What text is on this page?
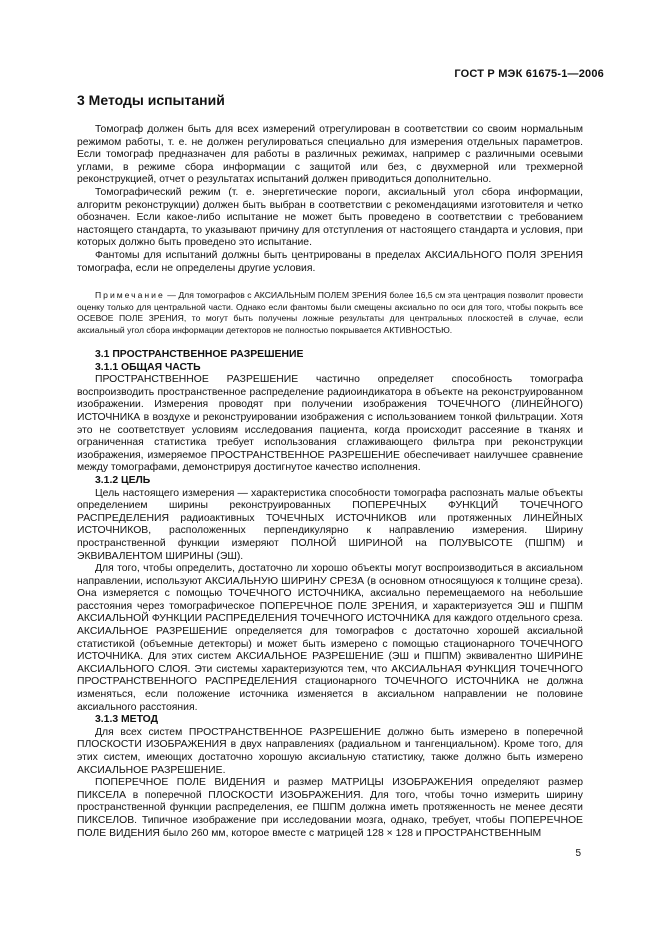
ГОСТ Р МЭК 61675-1—2006
3 Методы испытаний

Томограф должен быть для всех измерений отрегулирован в соответствии со своим нормальным режимом работы, т. е. не должен регулироваться специально для измерения отдельных параметров. Если томограф предназначен для работы в различных режимах, например с различными осевыми углами, в режиме сбора информации с защитой или без, с двухмерной или трехмерной реконструкцией, отчет о результатах испытаний должен приводиться дополнительно.

Томографический режим (т. е. энергетические пороги, аксиальный угол сбора информации, алгоритм реконструкции) должен быть выбран в соответствии с рекомендациями изготовителя и четко обозначен. Если какое-либо испытание не может быть проведено в соответствии с требованием настоящего стандарта, то указывают причину для отступления от настоящего стандарта и условия, при которых должно быть проведено это испытание.

Фантомы для испытаний должны быть центрированы в пределах АКСИАЛЬНОГО ПОЛЯ ЗРЕНИЯ томографа, если не определены другие условия.

Примечание — Для томографов с АКСИАЛЬНЫМ ПОЛЕМ ЗРЕНИЯ более 16,5 см эта центрация позволит провести оценку только для центральной части. Однако если фантомы были смещены аксиально по оси для того, чтобы покрыть все ОСЕВОЕ ПОЛЕ ЗРЕНИЯ, то могут быть получены ложные результаты для центральных плоскостей в случае, если аксиальный угол сбора информации детекторов не полностью покрывается АКТИВНОСТЬЮ.

3.1 ПРОСТРАНСТВЕННОЕ РАЗРЕШЕНИЕ
3.1.1 ОБЩАЯ ЧАСТЬ

ПРОСТРАНСТВЕННОЕ РАЗРЕШЕНИЕ частично определяет способность томографа воспроизводить пространственное распределение радиоиндикатора в объекте на реконструированном изображении. Измерения проводят при получении изображения ТОЧЕЧНОГО (ЛИНЕЙНОГО) ИСТОЧНИКА в воздухе и реконструировании изображения с использованием тонкой фильтрации. Хотя это не соответствует условиям исследования пациента, когда происходит рассеяние в тканях и ограниченная статистика требует использования сглаживающего фильтра при реконструкции изображения, измеряемое ПРОСТРАНСТВЕННОЕ РАЗРЕШЕНИЕ обеспечивает наилучшее сравнение между томографами, демонстрируя достигнутое качество исполнения.

3.1.2 ЦЕЛЬ

Цель настоящего измерения — характеристика способности томографа распознать малые объекты определением ширины реконструированных ПОПЕРЕЧНЫХ ФУНКЦИЙ ТОЧЕЧНОГО РАСПРЕДЕЛЕНИЯ радиоактивных ТОЧЕЧНЫХ ИСТОЧНИКОВ или протяженных ЛИНЕЙНЫХ ИСТОЧНИКОВ, расположенных перпендикулярно к направлению измерения. Ширину пространственной функции измеряют ПОЛНОЙ ШИРИНОЙ на ПОЛУВЫСОТЕ (ПШПМ) и ЭКВИВАЛЕНТОМ ШИРИНЫ (ЭШ).

Для того, чтобы определить, достаточно ли хорошо объекты могут воспроизводиться в аксиальном направлении, используют АКСИАЛЬНУЮ ШИРИНУ СРЕЗА (в основном относящуюся к толщине среза). Она измеряется с помощью ТОЧЕЧНОГО ИСТОЧНИКА, аксиально перемещаемого на небольшие расстояния через томографическое ПОПЕРЕЧНОЕ ПОЛЕ ЗРЕНИЯ, и характеризуется ЭШ и ПШПМ АКСИАЛЬНОЙ ФУНКЦИИ РАСПРЕДЕЛЕНИЯ ТОЧЕЧНОГО ИСТОЧНИКА для каждого отдельного среза. АКСИАЛЬНОЕ РАЗРЕШЕНИЕ определяется для томографов с достаточно хорошей аксиальной статистикой (объемные детекторы) и может быть измерено с помощью стационарного ТОЧЕЧНОГО ИСТОЧНИКА. Для этих систем АКСИАЛЬНОЕ РАЗРЕШЕНИЕ (ЭШ и ПШПМ) эквивалентно ШИРИНЕ АКСИАЛЬНОГО СЛОЯ. Эти системы характеризуются тем, что АКСИАЛЬНАЯ ФУНКЦИЯ ТОЧЕЧНОГО ПРОСТРАНСТВЕННОГО РАСПРЕДЕЛЕНИЯ стационарного ТОЧЕЧНОГО ИСТОЧНИКА не должна изменяться, если положение источника изменяется в аксиальном направлении не половине аксиального расстояния.

3.1.3 МЕТОД

Для всех систем ПРОСТРАНСТВЕННОЕ РАЗРЕШЕНИЕ должно быть измерено в поперечной ПЛОСКОСТИ ИЗОБРАЖЕНИЯ в двух направлениях (радиальном и тангенциальном). Кроме того, для этих систем, имеющих достаточно хорошую аксиальную статистику, также должно быть измерено АКСИАЛЬНОЕ РАЗРЕШЕНИЕ.

ПОПЕРЕЧНОЕ ПОЛЕ ВИДЕНИЯ и размер МАТРИЦЫ ИЗОБРАЖЕНИЯ определяют размер ПИКСЕЛА в поперечной ПЛОСКОСТИ ИЗОБРАЖЕНИЯ. Для того, чтобы точно измерить ширину пространственной функции распределения, ее ПШПМ должна иметь протяженность не менее десяти ПИКСЕЛОВ. Типичное изображение при исследовании мозга, однако, требует, чтобы ПОПЕРЕЧНОЕ ПОЛЕ ВИДЕНИЯ было 260 мм, которое вместе с матрицей 128 × 128 и ПРОСТРАНСТВЕННЫМ

5
